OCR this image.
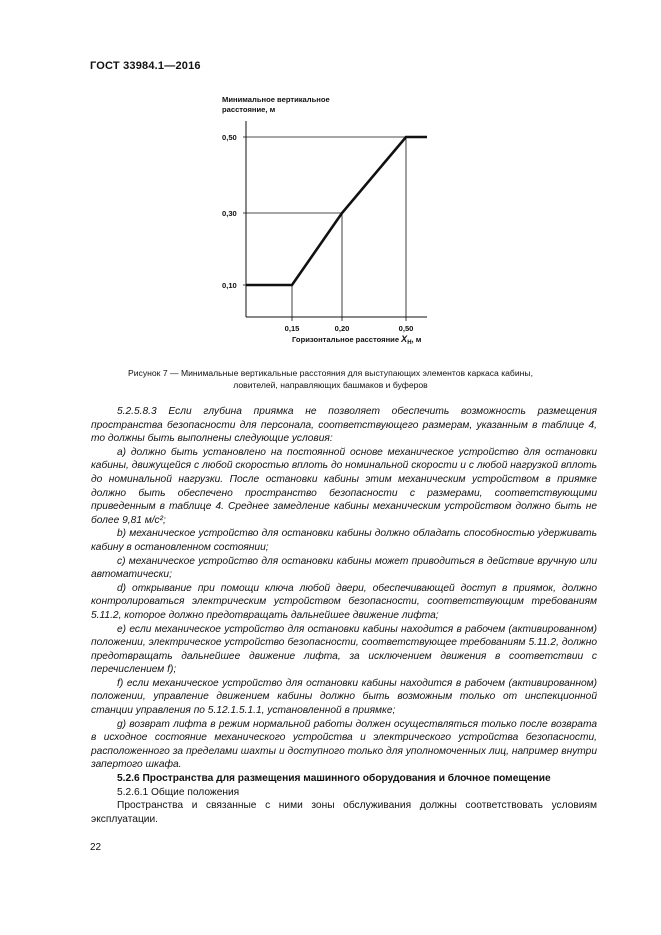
ГОСТ 33984.1—2016
Минимальное вертикальное
расстояние, м
0,10
0,30
0,50
0,15	0,20	0,50
Горизонтальное расстояние $X_H$, м
Рисунок 7 — Минимальные вертикальные расстояния для выступающих элементов каркаса кабины,
ловителей, направляющих башмаков и буферов

5.2.5.8.3 Если глубина приямка не позволяет обеспечить возможность размещения пространства безопасности для персонала, соответствующего размерам, указанным в таблице 4, то должны быть выполнены следующие условия:

a) должно быть установлено на постоянной основе механическое устройство для остановки кабины, движущейся с любой скоростью вплоть до номинальной скорости и с любой нагрузкой вплоть до номинальной нагрузки. После остановки кабины этим механическим устройством в приямке должно быть обеспечено пространство безопасности с размерами, соответствующими приведенным в таблице 4. Среднее замедление кабины механическим устройством должно быть не более 9,81 м/с²;

b) механическое устройство для остановки кабины должно обладать способностью удерживать кабину в остановленном состоянии;

c) механическое устройство для остановки кабины может приводиться в действие вручную или автоматически;

d) открывание при помощи ключа любой двери, обеспечивающей доступ в приямок, должно контролироваться электрическим устройством безопасности, соответствующим требованиям 5.11.2, которое должно предотвращать дальнейшее движение лифта;

e) если механическое устройство для остановки кабины находится в рабочем (активированном) положении, электрическое устройство безопасности, соответствующее требованиям 5.11.2, должно предотвращать дальнейшее движение лифта, за исключением движения в соответствии с перечислением f);

f) если механическое устройство для остановки кабины находится в рабочем (активированном) положении, управление движением кабины должно быть возможным только от инспекционной станции управления по 5.12.1.5.1.1, установленной в приямке;

g) возврат лифта в режим нормальной работы должен осуществляться только после возврата в исходное состояние механического устройства и электрического устройства безопасности, расположенного за пределами шахты и доступного только для уполномоченных лиц, например внутри запертого шкафа.

5.2.6 Пространства для размещения машинного оборудования и блочное помещение

5.2.6.1 Общие положения

Пространства и связанные с ними зоны обслуживания должны соответствовать условиям эксплуатации.

22
